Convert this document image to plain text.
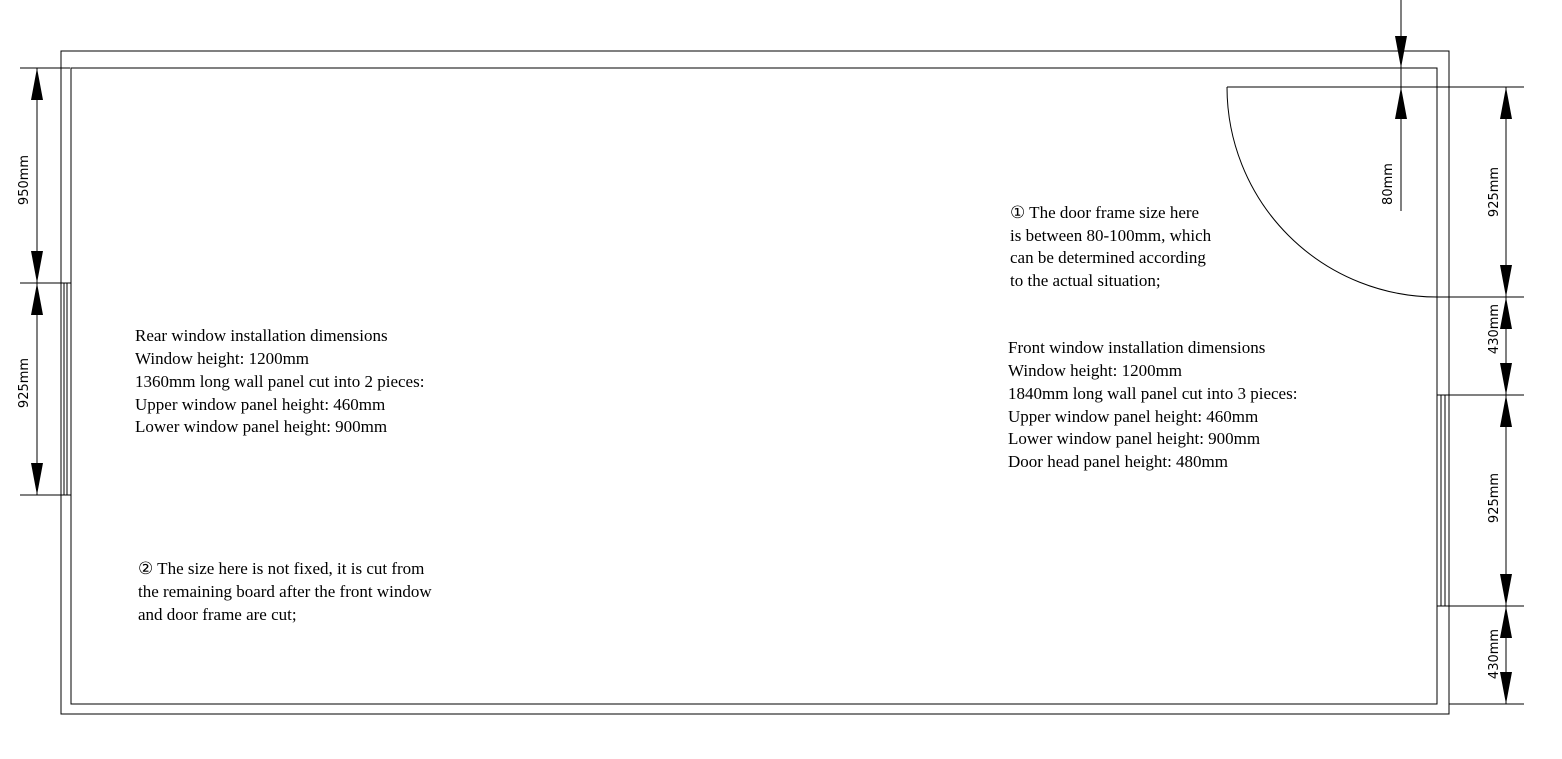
950mm
925mm
80mm	925mm
430mm
925mm
430mm
① The door frame size here
is between 80-100mm, which
can be determined according
to the actual situation;
Rear window installation dimensions
Window height: 1200mm
1360mm long wall panel cut into 2 pieces:
Upper window panel height: 460mm
Lower window panel height: 900mm
Front window installation dimensions
Window height: 1200mm
1840mm long wall panel cut into 3 pieces:
Upper window panel height: 460mm
Lower window panel height: 900mm
Door head panel height: 480mm
② The size here is not fixed, it is cut from
the remaining board after the front window
and door frame are cut;
